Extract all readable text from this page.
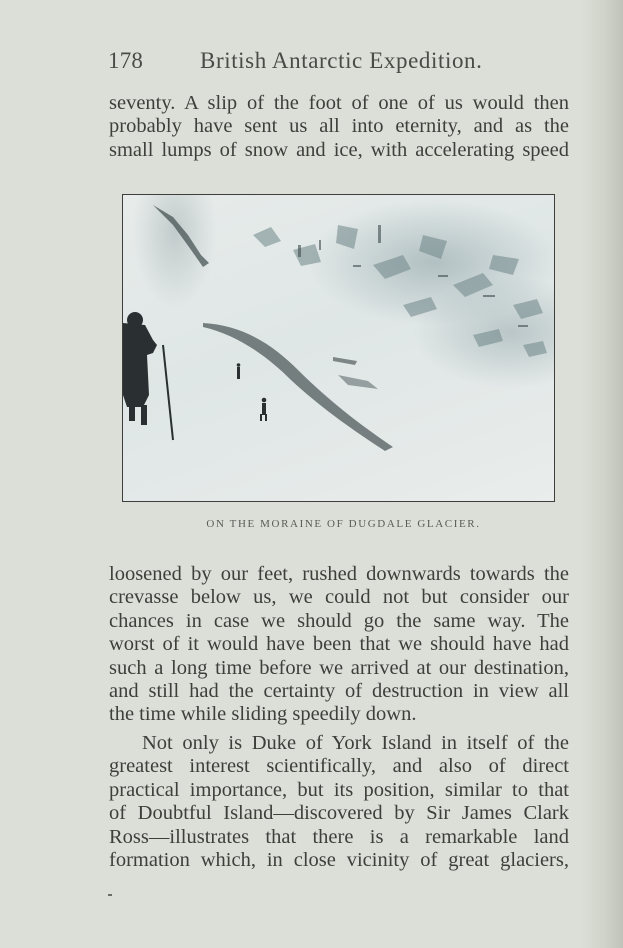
178 British Antarctic Expedition.
seventy. A slip of the foot of one of us would then
probably have sent us all into eternity, and as the
small lumps of snow and ice, with accelerating speed
ON THE MORAINE OF DUGDALE GLACIER.
loosened by our feet, rushed downwards towards the
crevasse below us, we could not but consider our
chances in case we should go the same way. The
worst of it would have been that we should have had
such a long time before we arrived at our destination,
and still had the certainty of destruction in view all
the time while sliding speedily down.
Not only is Duke of York Island in itself of the
greatest interest scientifically, and also of direct
practical importance, but its position, similar to that
of Doubtful Island—discovered by Sir James Clark
Ross—illustrates that there is a remarkable land
formation which, in close vicinity of great glaciers,
